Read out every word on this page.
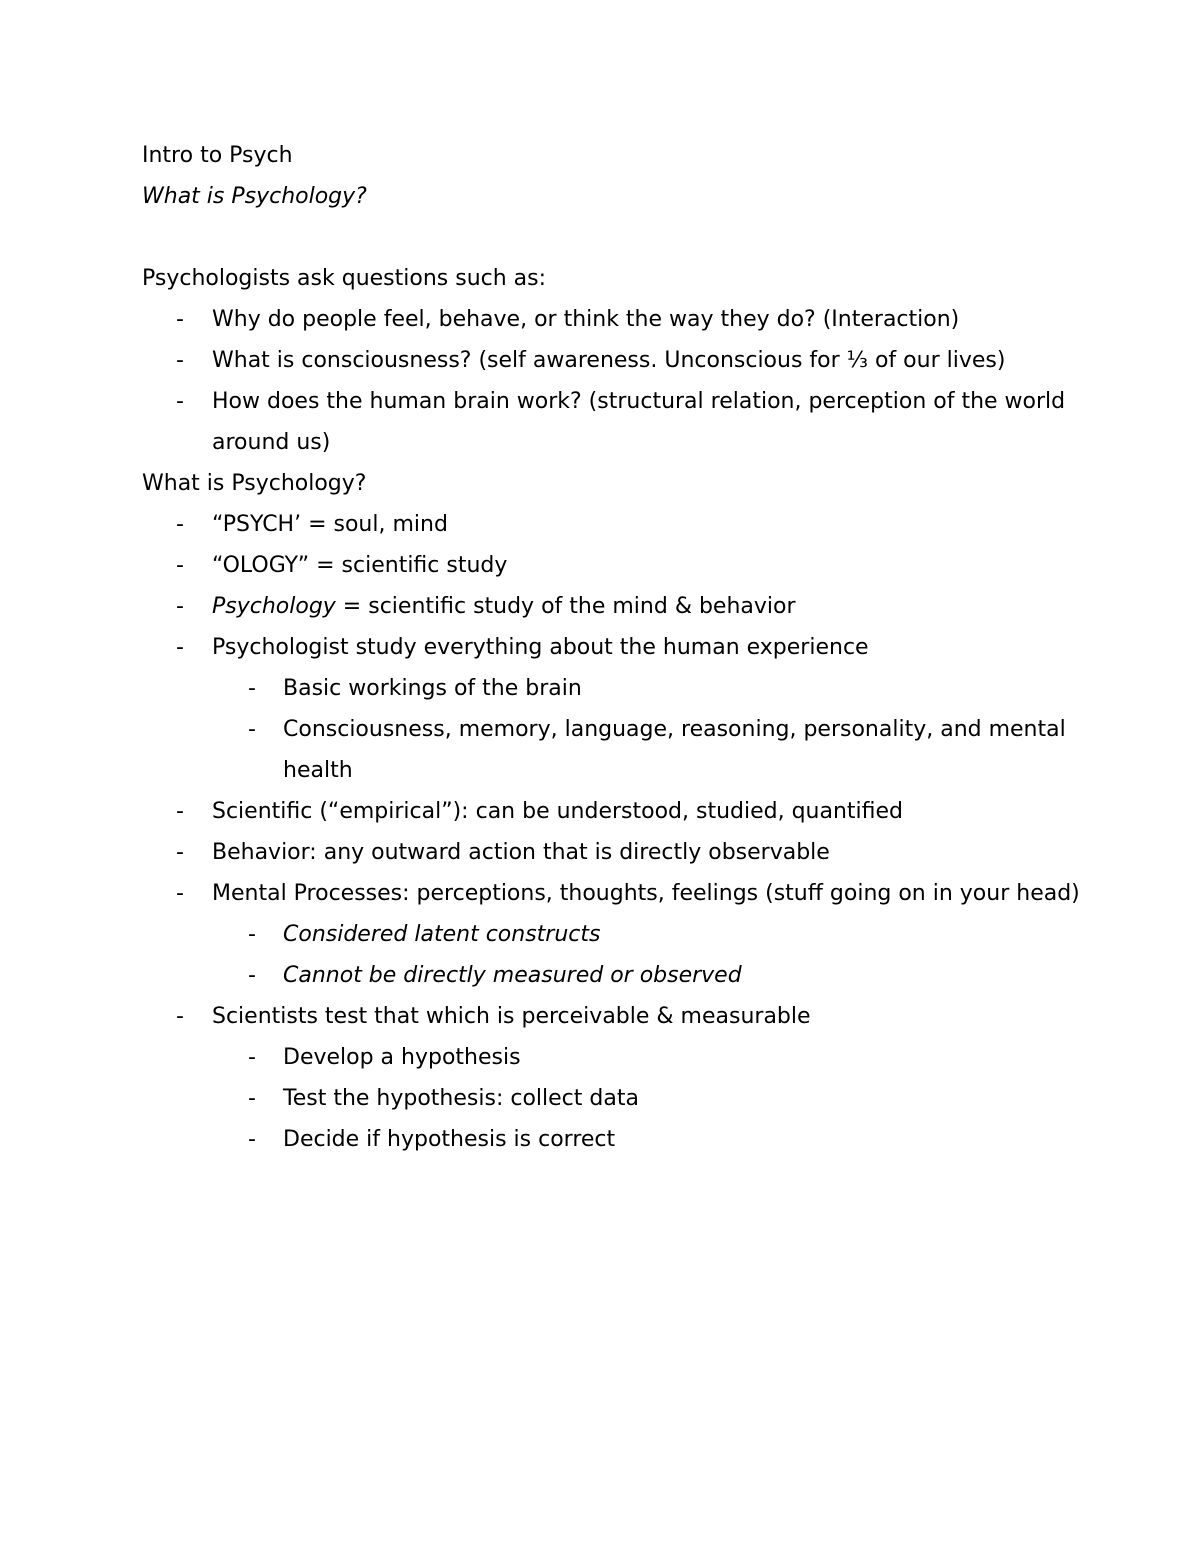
Intro to Psych
What is Psychology?
Psychologists ask questions such as:
- Why do people feel, behave, or think the way they do? (Interaction)
- What is consciousness? (self awareness. Unconscious for ⅓ of our lives)
- How does the human brain work? (structural relation, perception of the world
around us)
What is Psychology?
- “PSYCH’ = soul, mind
- “OLOGY” = scientific study
- Psychology = scientific study of the mind & behavior
- Psychologist study everything about the human experience
- Basic workings of the brain
- Consciousness, memory, language, reasoning, personality, and mental
health
- Scientific (“empirical”): can be understood, studied, quantified
- Behavior: any outward action that is directly observable
- Mental Processes: perceptions, thoughts, feelings (stuff going on in your head)
- Considered latent constructs
- Cannot be directly measured or observed
- Scientists test that which is perceivable & measurable
- Develop a hypothesis
- Test the hypothesis: collect data
- Decide if hypothesis is correct
